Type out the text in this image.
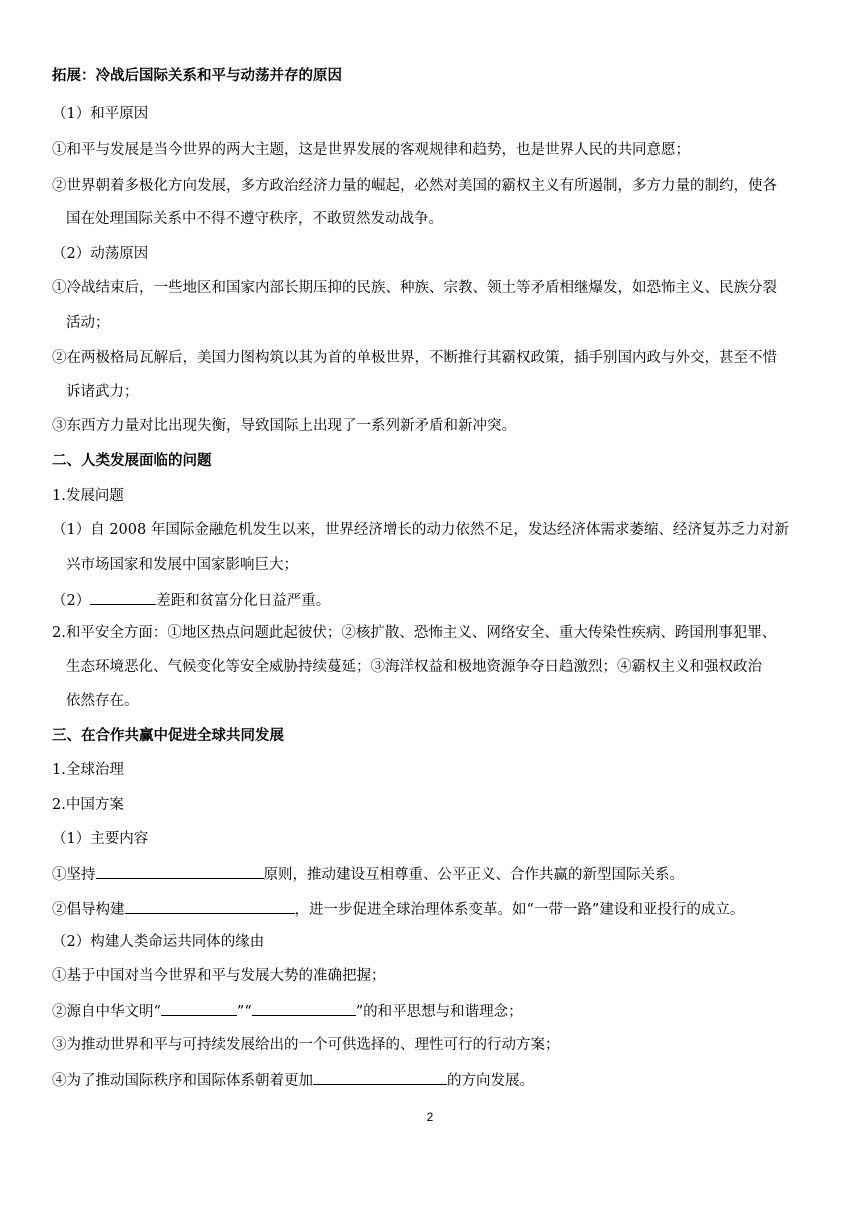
拓展：冷战后国际关系和平与动荡并存的原因
（1）和平原因
①和平与发展是当今世界的两大主题，这是世界发展的客观规律和趋势，也是世界人民的共同意愿；
②世界朝着多极化方向发展，多方政治经济力量的崛起，必然对美国的霸权主义有所遏制，多方力量的制约，使各
国在处理国际关系中不得不遵守秩序，不敢贸然发动战争。
（2）动荡原因
①冷战结束后，一些地区和国家内部长期压抑的民族、种族、宗教、领土等矛盾相继爆发，如恐怖主义、民族分裂
活动；
②在两极格局瓦解后，美国力图构筑以其为首的单极世界，不断推行其霸权政策，插手别国内政与外交，甚至不惜
诉诸武力；
③东西方力量对比出现失衡，导致国际上出现了一系列新矛盾和新冲突。
二、人类发展面临的问题
1.发展问题
（1）自 2008 年国际金融危机发生以来，世界经济增长的动力依然不足，发达经济体需求萎缩、经济复苏乏力对新
兴市场国家和发展中国家影响巨大；
（2）	差距和贫富分化日益严重。
2.和平安全方面：①地区热点问题此起彼伏；②核扩散、恐怖主义、网络安全、重大传染性疾病、跨国刑事犯罪、
生态环境恶化、气候变化等安全威胁持续蔓延；③海洋权益和极地资源争夺日趋激烈；④霸权主义和强权政治
依然存在。
三、在合作共赢中促进全球共同发展
1.全球治理
2.中国方案
（1）主要内容
①坚持	原则，推动建设互相尊重、公平正义、合作共赢的新型国际关系。
②倡导构建	，进一步促进全球治理体系变革。如“一带一路”建设和亚投行的成立。
（2）构建人类命运共同体的缘由
①基于中国对当今世界和平与发展大势的准确把握；
②源自中华文明“	”“	”的和平思想与和谐理念；
③为推动世界和平与可持续发展给出的一个可供选择的、理性可行的行动方案；
④为了推动国际秩序和国际体系朝着更加	的方向发展。
2
